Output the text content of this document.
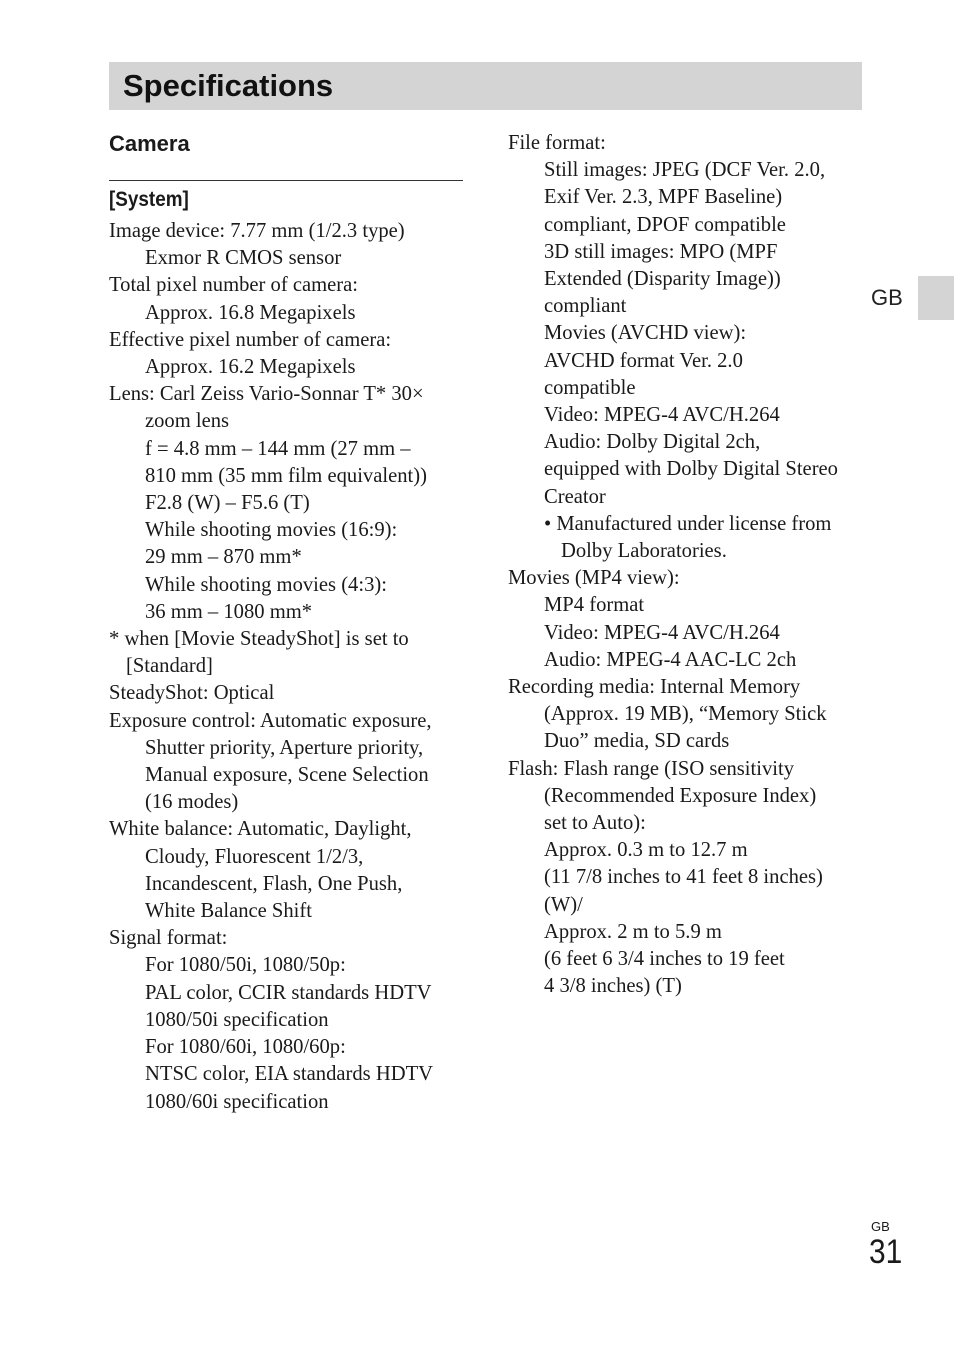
Specifications
GB
Camera
[System]
Image device: 7.77 mm (1/2.3 type)
Exmor R CMOS sensor
Total pixel number of camera:
Approx. 16.8 Megapixels
Effective pixel number of camera:
Approx. 16.2 Megapixels
Lens: Carl Zeiss Vario-Sonnar T* 30×
zoom lens
f = 4.8 mm – 144 mm (27 mm –
810 mm (35 mm film equivalent))
F2.8 (W) – F5.6 (T)
While shooting movies (16:9):
29 mm – 870 mm*
While shooting movies (4:3):
36 mm – 1080 mm*
* when [Movie SteadyShot] is set to
[Standard]
SteadyShot: Optical
Exposure control: Automatic exposure,
Shutter priority, Aperture priority,
Manual exposure, Scene Selection
(16 modes)
White balance: Automatic, Daylight,
Cloudy, Fluorescent 1/2/3,
Incandescent, Flash, One Push,
White Balance Shift
Signal format:
For 1080/50i, 1080/50p:
PAL color, CCIR standards HDTV
1080/50i specification
For 1080/60i, 1080/60p:
NTSC color, EIA standards HDTV
1080/60i specification
File format:
Still images: JPEG (DCF Ver. 2.0,
Exif Ver. 2.3, MPF Baseline)
compliant, DPOF compatible
3D still images: MPO (MPF
Extended (Disparity Image))
compliant
Movies (AVCHD view):
AVCHD format Ver. 2.0
compatible
Video: MPEG-4 AVC/H.264
Audio: Dolby Digital 2ch,
equipped with Dolby Digital Stereo
Creator
• Manufactured under license from
Dolby Laboratories.
Movies (MP4 view):
MP4 format
Video: MPEG-4 AVC/H.264
Audio: MPEG-4 AAC-LC 2ch
Recording media: Internal Memory
(Approx. 19 MB), “Memory Stick
Duo” media, SD cards
Flash: Flash range (ISO sensitivity
(Recommended Exposure Index)
set to Auto):
Approx. 0.3 m to 12.7 m
(11 7/8 inches to 41 feet 8 inches)
(W)/
Approx. 2 m to 5.9 m
(6 feet 6 3/4 inches to 19 feet
4 3/8 inches) (T)
GB
31
